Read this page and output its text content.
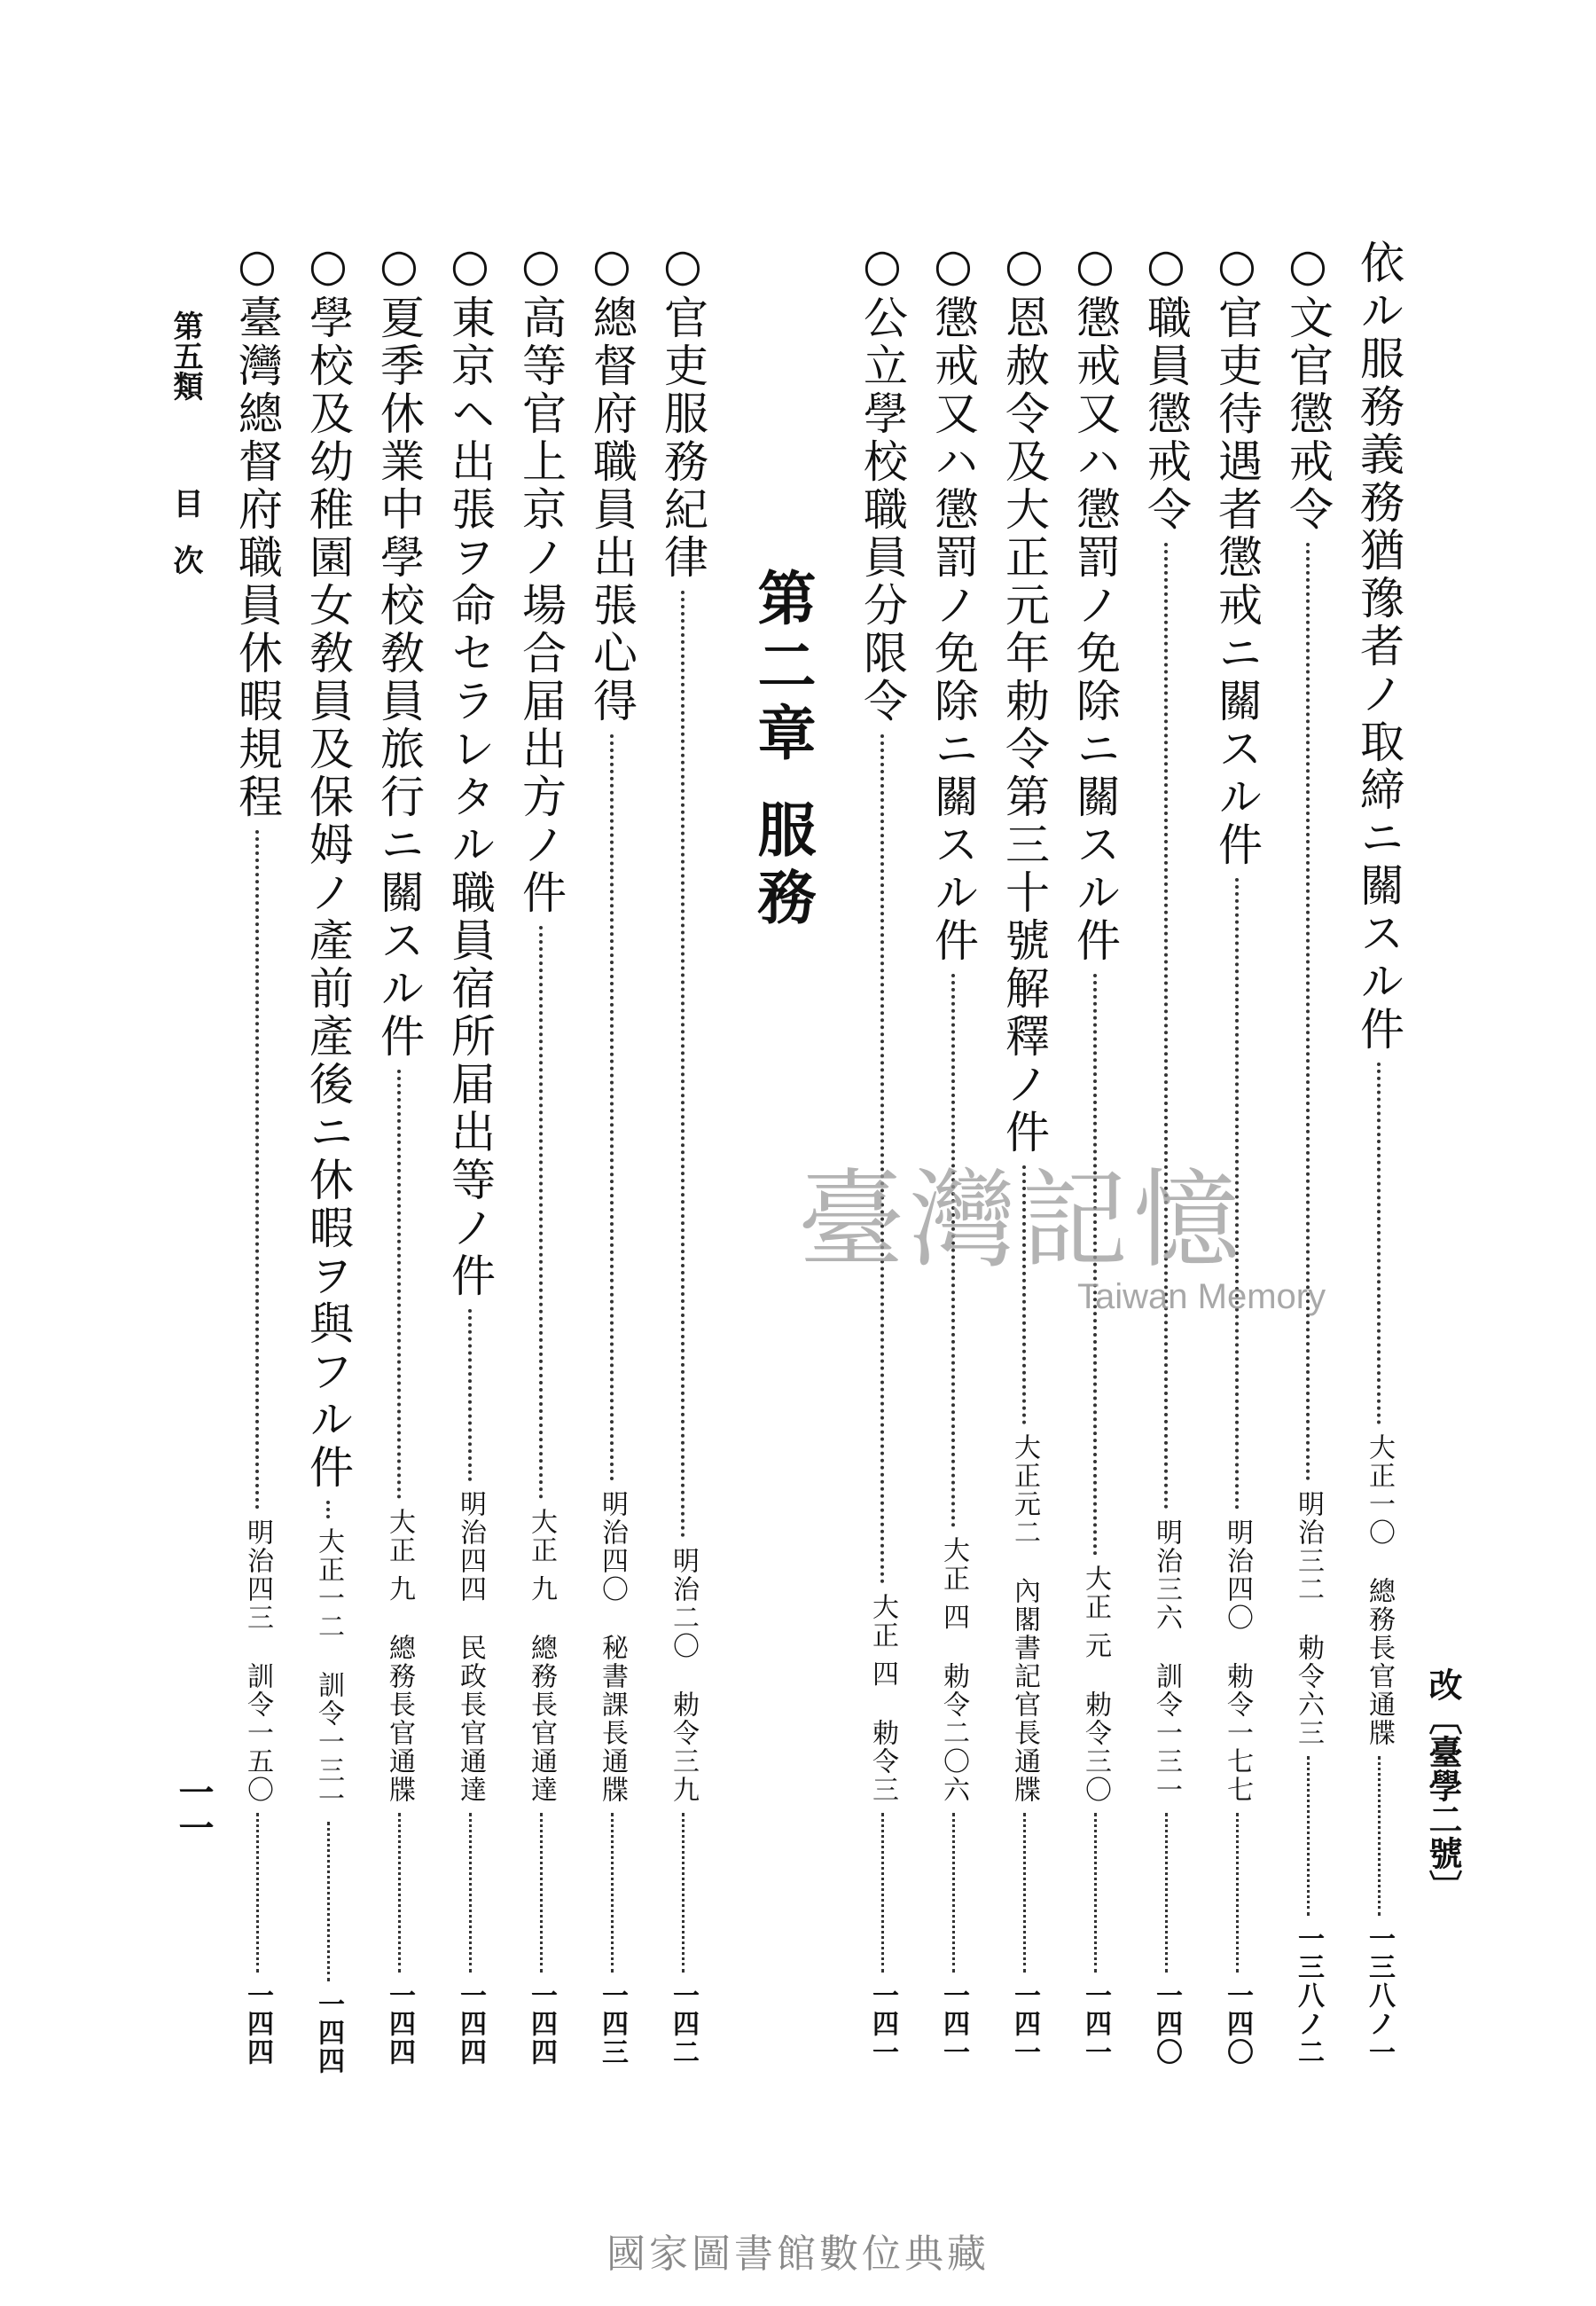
改〔臺學二號〕
依ル服務義務猶豫者ノ取締ニ關スル件
大正一〇
總務長官通牒
一三八ノ一
○文官懲戒令
明治三二
勅令六三
一三八ノ二
○官吏待遇者懲戒ニ關スル件
明治四〇
勅令一七七
一四〇
○職員懲戒令
明治三六
訓令一三一
一四〇
○懲戒又ハ懲罰ノ免除ニ關スル件
大正 元
勅令三〇
一四一
○恩赦令及大正元年勅令第三十號解釋ノ件
大正元二
內閣書記官長通牒
一四一
○懲戒又ハ懲罰ノ免除ニ關スル件
大正 四
勅令二〇六
一四一
○公立學校職員分限令
大正 四
勅令三
一四一
第二章 服務
○官吏服務紀律
明治二〇
勅令三九
一四二
○總督府職員出張心得
明治四〇
秘書課長通牒
一四三
○高等官上京ノ場合届出方ノ件
大正 九
總務長官通達
一四四
○東京ヘ出張ヲ命セラレタル職員宿所届出等ノ件
明治四四
民政長官通達
一四四
○夏季休業中學校敎員旅行ニ關スル件
大正 九
總務長官通牒
一四四
○學校及幼稚園女敎員及保姆ノ產前產後ニ休暇ヲ與フル件
大正一二
訓令一三一
一四四
○臺灣總督府職員休暇規程
明治四三
訓令一五〇
一四四
第五類
目次
一一
臺灣記憶
Taiwan Memory
國家圖書館數位典藏
